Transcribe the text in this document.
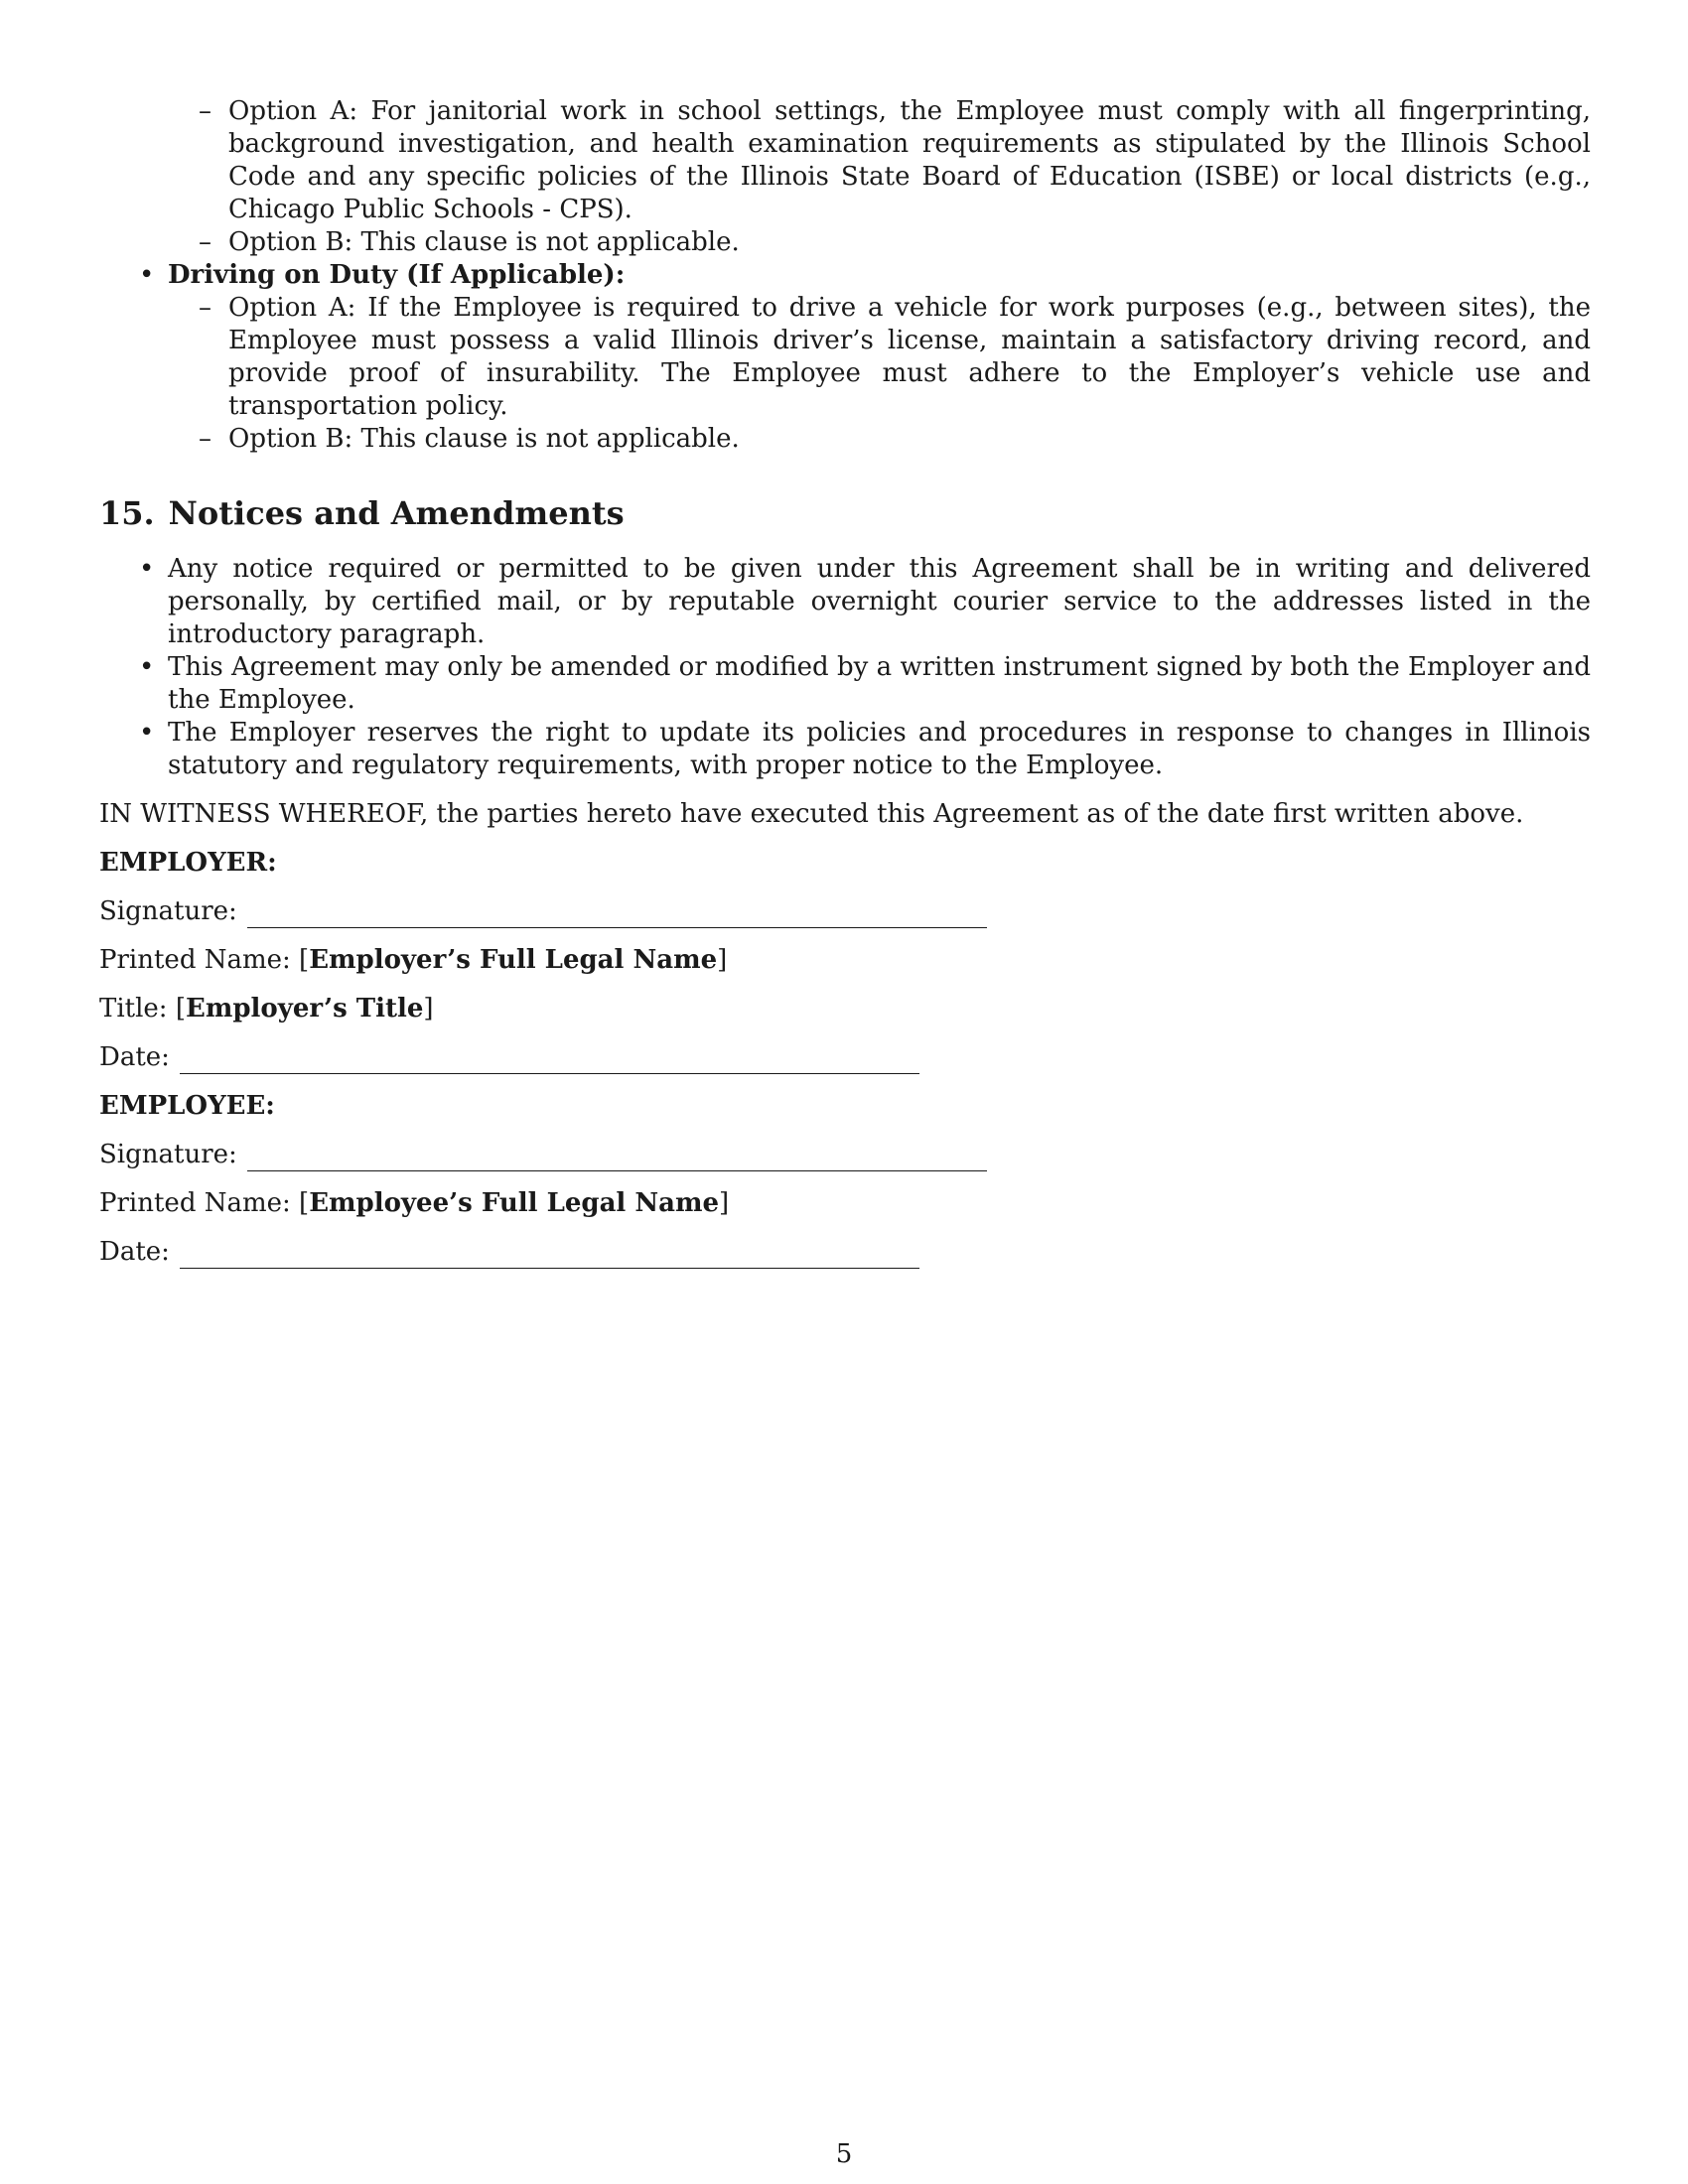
– Option A: For janitorial work in school settings, the Employee must comply with all fingerprinting, background investigation, and health examination requirements as stipulated by the Illinois School Code and any specific policies of the Illinois State Board of Education (ISBE) or local districts (e.g., Chicago Public Schools - CPS).
– Option B: This clause is not applicable.
• Driving on Duty (If Applicable):
– Option A: If the Employee is required to drive a vehicle for work purposes (e.g., between sites), the Employee must possess a valid Illinois driver’s license, maintain a satisfactory driving record, and provide proof of insurability. The Employee must adhere to the Employer’s vehicle use and transportation policy.
– Option B: This clause is not applicable.
15. Notices and Amendments
• Any notice required or permitted to be given under this Agreement shall be in writing and delivered personally, by certified mail, or by reputable overnight courier service to the addresses listed in the introductory paragraph.
• This Agreement may only be amended or modified by a written instrument signed by both the Employer and the Employee.
• The Employer reserves the right to update its policies and procedures in response to changes in Illinois statutory and regulatory requirements, with proper notice to the Employee.
IN WITNESS WHEREOF, the parties hereto have executed this Agreement as of the date first written above.
EMPLOYER:
Signature:
Printed Name: [Employer’s Full Legal Name]
Title: [Employer’s Title]
Date:
EMPLOYEE:
Signature:
Printed Name: [Employee’s Full Legal Name]
Date:
5
